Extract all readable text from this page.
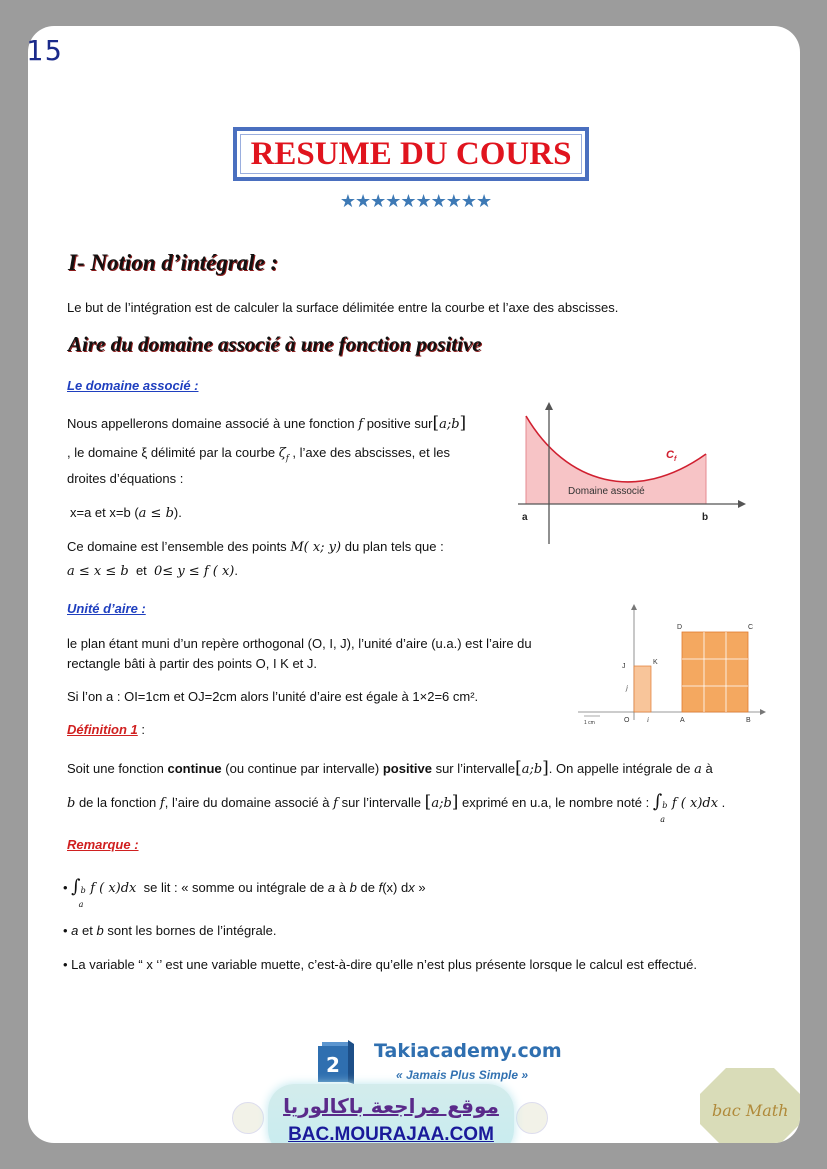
15
RESUME DU COURS
★★★★★★★★★★
I- Notion d’intégrale :
Le but de l’intégration est de calculer la surface délimitée entre la courbe et l’axe des abscisses.
Aire du domaine associé à une fonction positive
Le domaine associé :
Nous appellerons domaine associé à une fonction f positive sur[a;b]
, le domaine ξ délimité par la courbe $\zeta_f$ , l’axe des abscisses, et les
droites d’équations :
x=a et x=b (a ≤ b).
Ce domaine est l’ensemble des points M( x; y) du plan tels que :
a ≤ x ≤ b et 0≤ y ≤ f ( x).
$C_f$
Domaine associé
a	b
Unité d’aire :
le plan étant muni d’un repère orthogonal (O, I, J), l’unité d’aire (u.a.) est l’aire du
rectangle bâti à partir des points O, I K et J.
Si l’on a : OI=1cm et OJ=2cm alors l’unité d’aire est égale à 1×2=6 cm².
D	C
J
K
j
O	i	A	B
1 cm
Définition 1 :
Soit une fonction continue (ou continue par intervalle) positive sur l’intervalle[a;b]. On appelle intégrale de a à
b de la fonction f, l’aire du domaine associé à f sur l’intervalle [a;b] exprimé en u.a, le nombre noté : ∫ b
a
f ( x)dx .
Remarque :
• ∫ b
a
f ( x)dx se lit : « somme ou intégrale de a à b de f(x) dx »
• a et b sont les bornes de l’intégrale.
• La variable “ x ‘’ est une variable muette, c’est-à-dire qu’elle n’est plus présente lorsque le calcul est effectué.
2
Takiacademy.com
« Jamais Plus Simple »
موقع مراجعة باكالوريا
BAC.MOURAJAA.COM
bac Math
